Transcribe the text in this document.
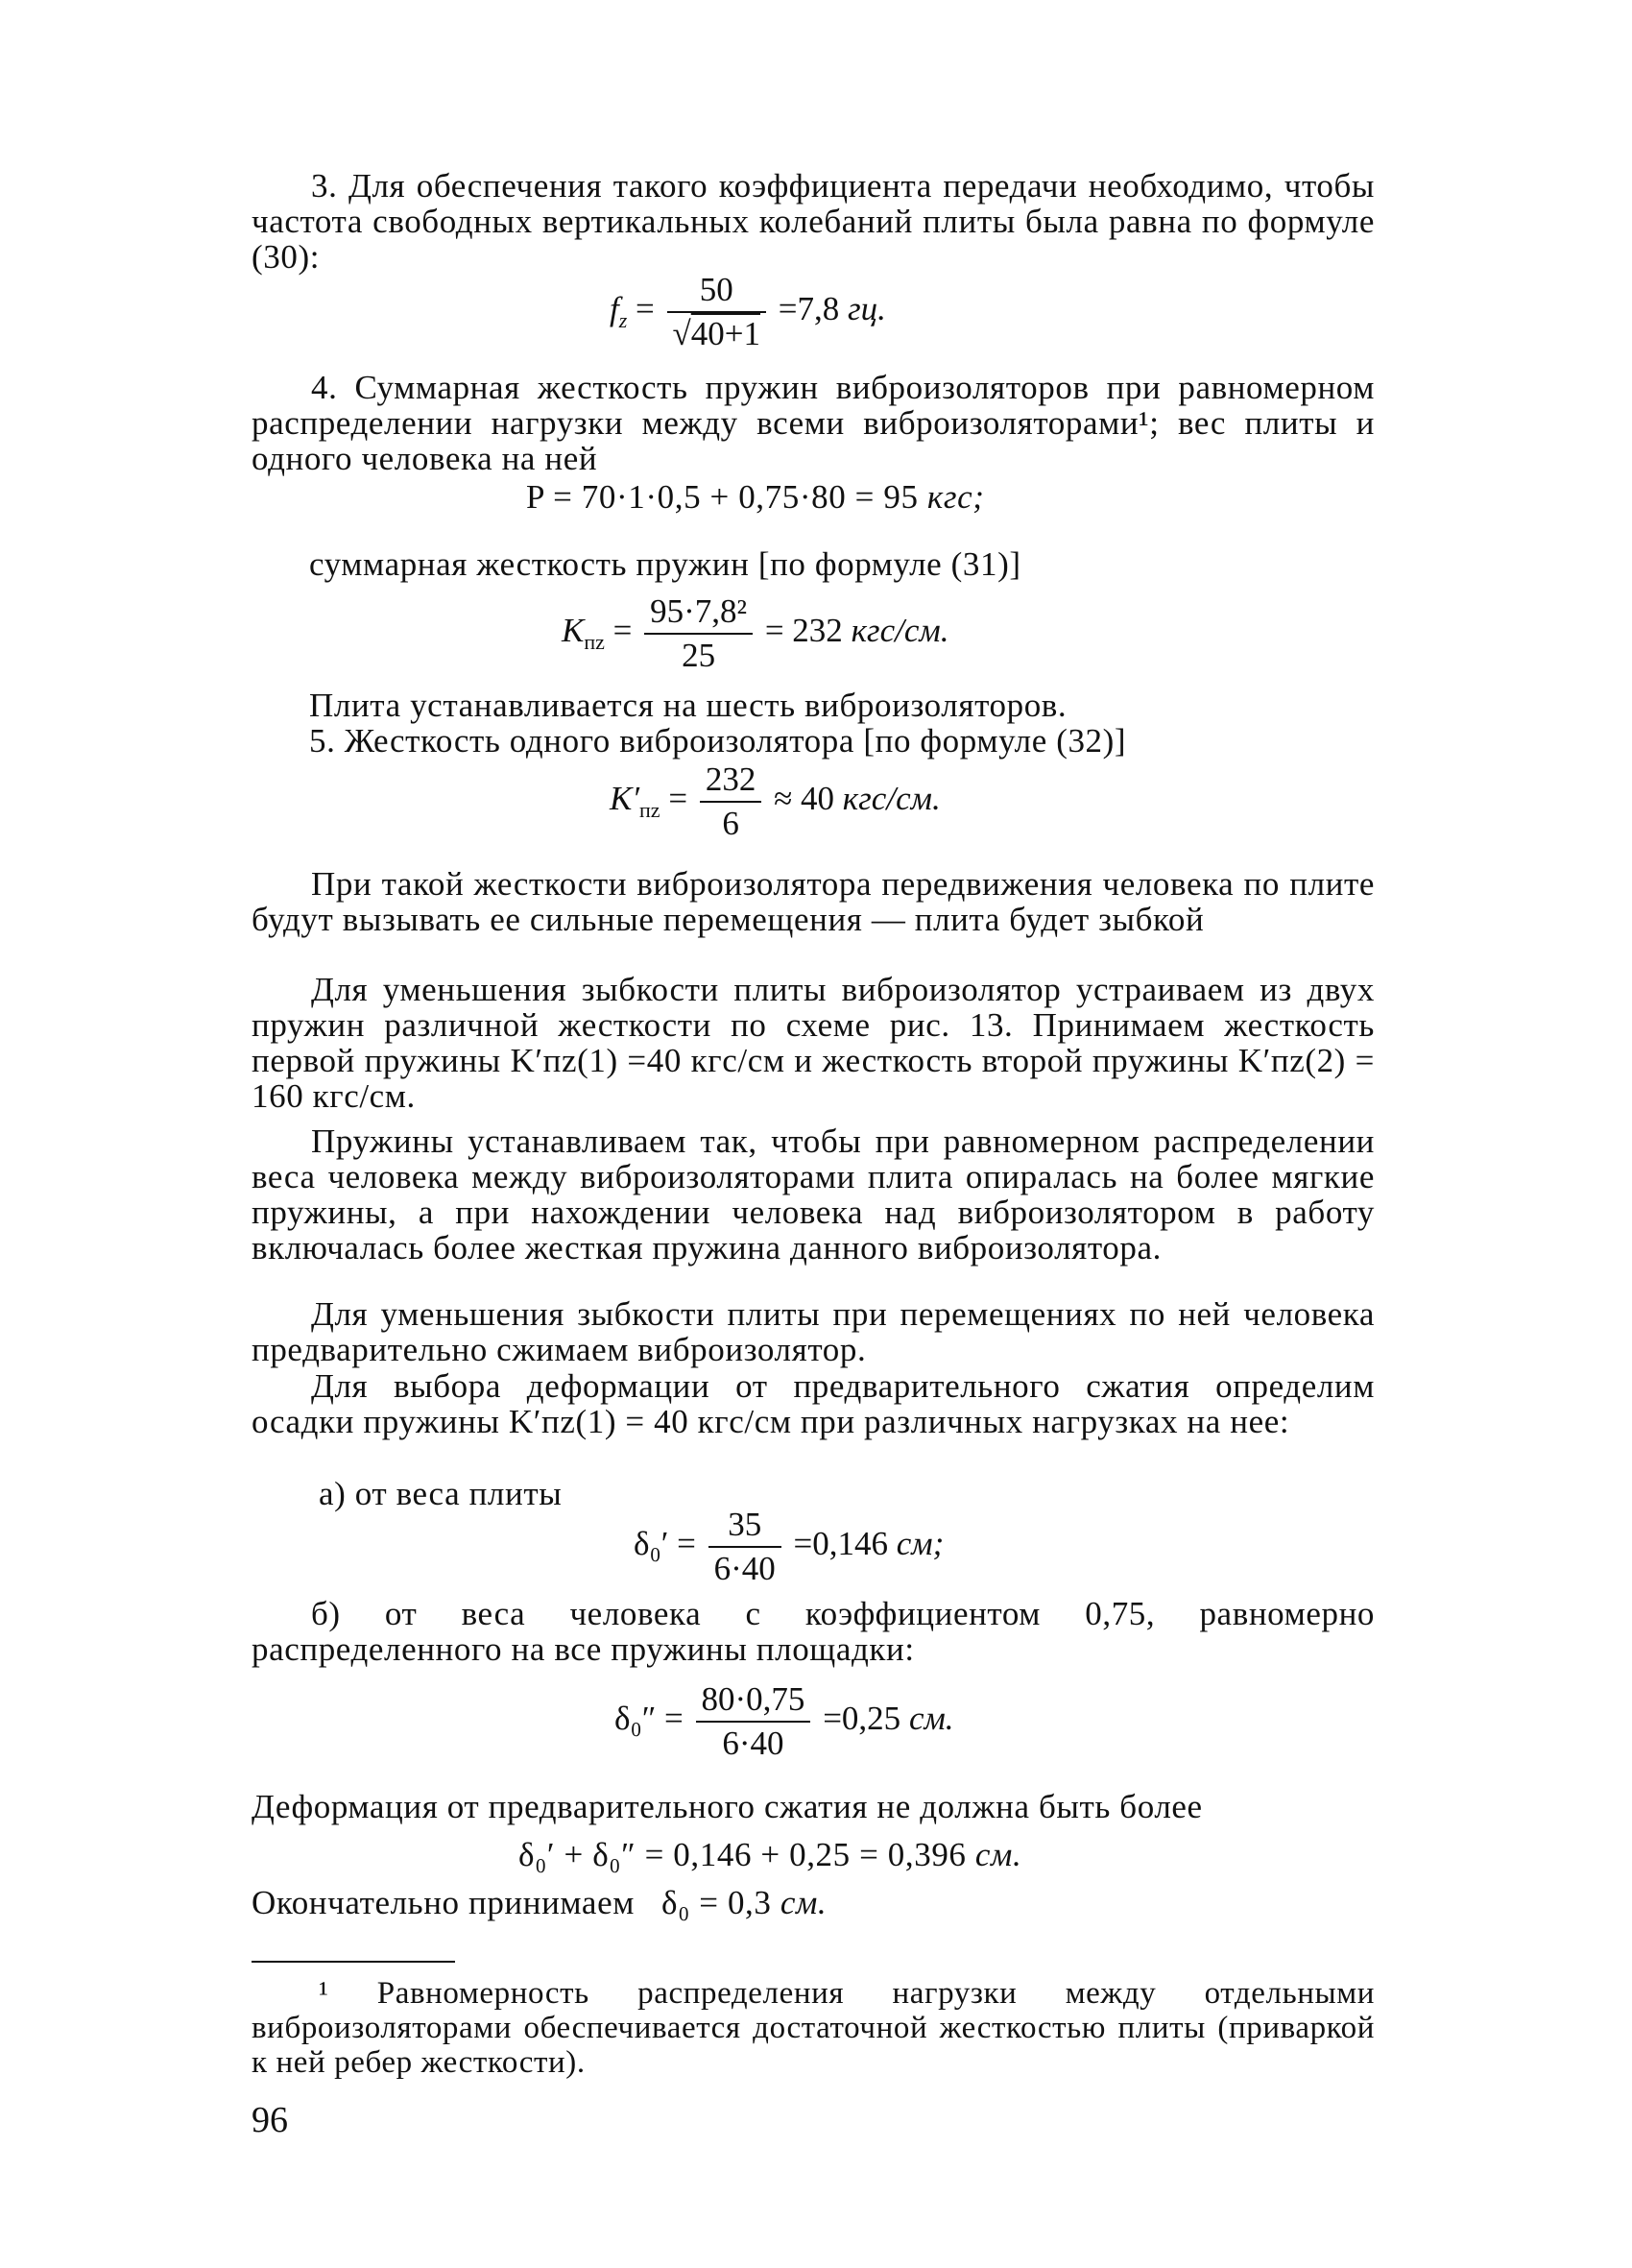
3. Для обеспечения такого коэффициента передачи необходимо, чтобы частота свободных вертикальных колебаний плиты была равна по формуле (30):
$f_z = \frac{50}{√40+1} =7,8$ гц.
4. Суммарная жесткость пружин виброизоляторов при равномерном распределении нагрузки между всеми виброизоляторами¹; вес плиты и одного человека на ней
P = 70·1·0,5 + 0,75·80 = 95 кгс;
суммарная жесткость пружин [по формуле (31)]
$K_{пz} = \frac{\text{95·7,8²}}{25} = 232$ кгс/см.
Плита устанавливается на шесть виброизоляторов.
5. Жесткость одного виброизолятора [по формуле (32)]
$K'_{пz} = \frac{232}{6} \approx 40$ кгс/см.
При такой жесткости виброизолятора передвижения человека по плите будут вызывать ее сильные перемещения — плита будет зыбкой
Для уменьшения зыбкости плиты виброизолятор устраиваем из двух пружин различной жесткости по схеме рис. 13. Принимаем жесткость первой пружины K′пz(1) =40 кгс/см и жесткость второй пружины K′пz(2) = 160 кгс/см.
Пружины устанавливаем так, чтобы при равномерном распределении веса человека между виброизоляторами плита опиралась на более мягкие пружины, а при нахождении человека над виброизолятором в работу включалась более жесткая пружина данного виброизолятора.
Для уменьшения зыбкости плиты при перемещениях по ней человека предварительно сжимаем виброизолятор.
Для выбора деформации от предварительного сжатия определим осадки пружины K′пz(1) = 40 кгс/см при различных нагрузках на нее:
а) от веса плиты
$\delta_0' = \frac{35}{6\cdot 40} =0,146$ см;
б) от веса человека с коэффициентом 0,75, равномерно распределенного на все пружины площадки:
$\delta_0'' = \frac{80\cdot 0,75}{6\cdot 40} =0,25$ см.
Деформация от предварительного сжатия не должна быть более
δ₀′ + δ₀″ = 0,146 + 0,25 = 0,396 см.
Окончательно принимаем δ₀ = 0,3 см.
¹ Равномерность распределения нагрузки между отдельными виброизоляторами обеспечивается достаточной жесткостью плиты (приваркой к ней ребер жесткости).
96
